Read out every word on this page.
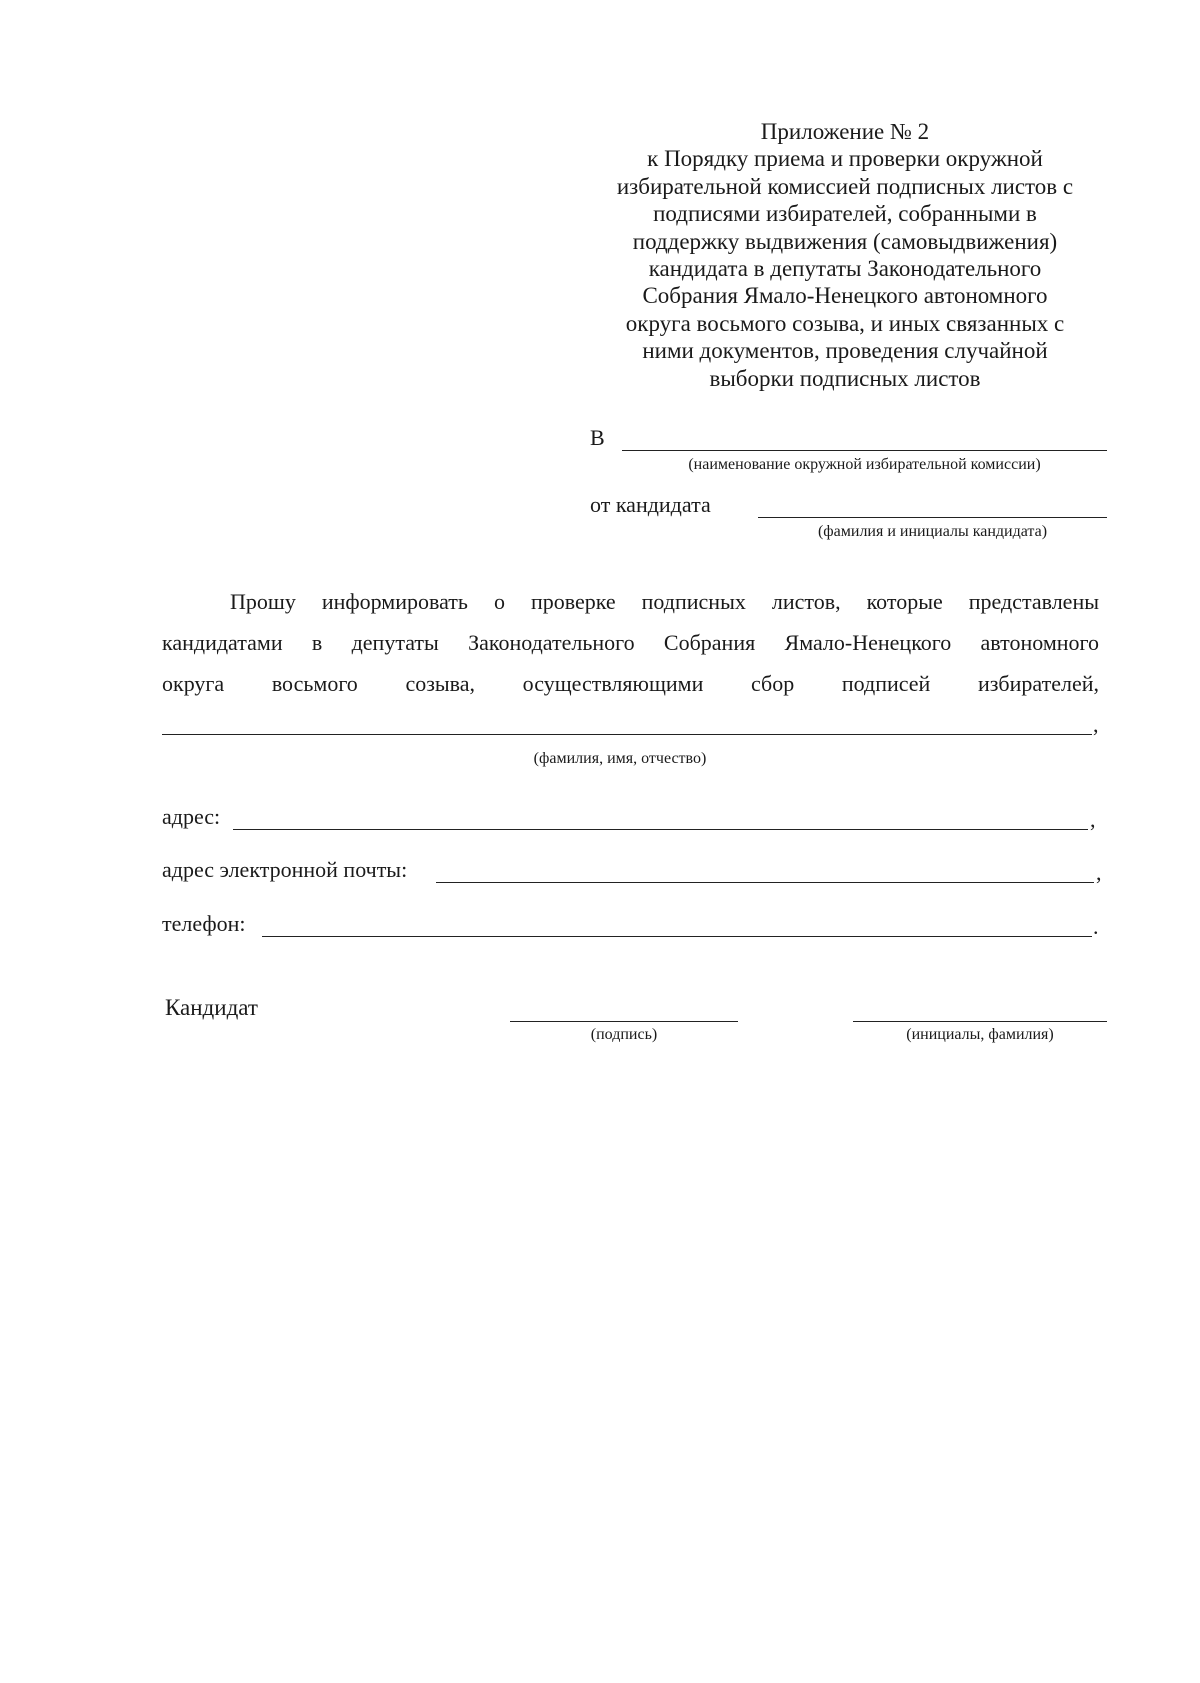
Приложение № 2
к Порядку приема и проверки окружной
избирательной комиссией подписных листов с
подписями избирателей, собранными в
поддержку выдвижения (самовыдвижения)
кандидата в депутаты Законодательного
Собрания Ямало-Ненецкого автономного
округа восьмого созыва, и иных связанных с
ними документов, проведения случайной
выборки подписных листов
В
(наименование окружной избирательной комиссии)
от кандидата
(фамилия и инициалы кандидата)
Прошу информировать о проверке подписных листов, которые представлены
кандидатами в депутаты Законодательного Собрания Ямало-Ненецкого автономного
округа восьмого созыва, осуществляющими сбор подписей избирателей,
,
(фамилия, имя, отчество)
адрес:	,
адрес электронной почты:	,
телефон:	.
Кандидат
(подпись)	(инициалы, фамилия)
